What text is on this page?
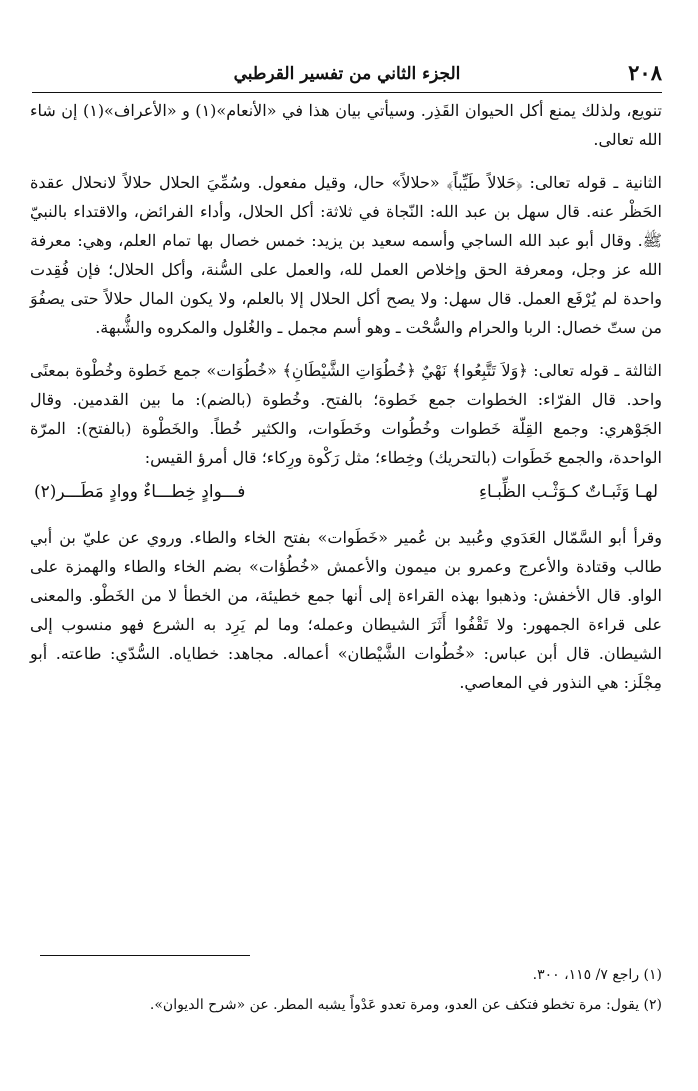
٢٠٨
الجزء الثاني من تفسير القرطبي

تنويع، ولذلك يمنع أكل الحيوان القَذِر. وسيأتي بيان هذا في «الأنعام»(١) و «الأعراف»(١) إن شاء الله تعالى.

الثانية ـ قوله تعالى: ﴿حَلالاً طَيِّباً﴾ «حلالاً» حال، وقيل مفعول. وسُمِّيَ الحلال حلالاً لانحلال عقدة الحَظْر عنه. قال سهل بن عبد الله: النّجاة في ثلاثة: أكل الحلال، وأداء الفرائض، والاقتداء بالنبيّ ﷺ. وقال أبو عبد الله الساجي وأسمه سعيد بن يزيد: خمس خصال بها تمام العلم، وهي: معرفة الله عز وجل، ومعرفة الحق وإخلاص العمل لله، والعمل على السُّنة، وأكل الحلال؛ فإن فُقِدت واحدة لم يُرْفَع العمل. قال سهل: ولا يصح أكل الحلال إلا بالعلم، ولا يكون المال حلالاً حتى يصفُوَ من ستّ خصال: الربا والحرام والسُّحْت ـ وهو أسم مجمل ـ والغُلول والمكروه والشُّبهة.

الثالثة ـ قوله تعالى: ﴿وَلاَ تَتَّبِعُوا﴾ نَهْيٌ ﴿خُطُوَاتِ الشَّيْطَانِ﴾ «خُطُوَات» جمع خَطوة وخُطْوة بمعنًى واحد. قال الفرّاء: الخطوات جمع خَطوة؛ بالفتح. وخُطوة (بالضم): ما بين القدمين. وقال الجَوْهري: وجمع القِلّة خَطوات وخُطُوات وخَطَوات، والكثير خُطاً. والخَطْوة (بالفتح): المرّة الواحدة، والجمع خَطَوات (بالتحريك) وخِطاء؛ مثل رَكْوة ورِكاء؛ قال أمرؤ القيس:

لهـا وَثَبـاتٌ كـوَثْـب الظِّبـاءِ
فـــوادٍ خِطـــاءٌ ووادٍ مَطَـــر(٢)

وقرأ أبو السَّمّال العَدَوي وعُبيد بن عُمير «خَطَوات» بفتح الخاء والطاء. وروي عن عليّ بن أبي طالب وقتادة والأعرج وعمرو بن ميمون والأعمش «خُطُؤات» بضم الخاء والطاء والهمزة على الواو. قال الأخفش: وذهبوا بهذه القراءة إلى أنها جمع خطيئة، من الخطأ لا من الخَطْو. والمعنى على قراءة الجمهور: ولا تَقْفُوا أَثَرَ الشيطان وعمله؛ وما لم يَرِد به الشرع فهو منسوب إلى الشيطان. قال أبن عباس: «خُطُوات الشَّيْطان» أعماله. مجاهد: خطاياه. السُّدّي: طاعته. أبو مِجْلَز: هي النذور في المعاصي.

(١) راجع ٧/ ١١٥، ٣٠٠.
(٢) يقول: مرة تخطو فتكف عن العدو، ومرة تعدو عَدْواً يشبه المطر. عن «شرح الديوان».
